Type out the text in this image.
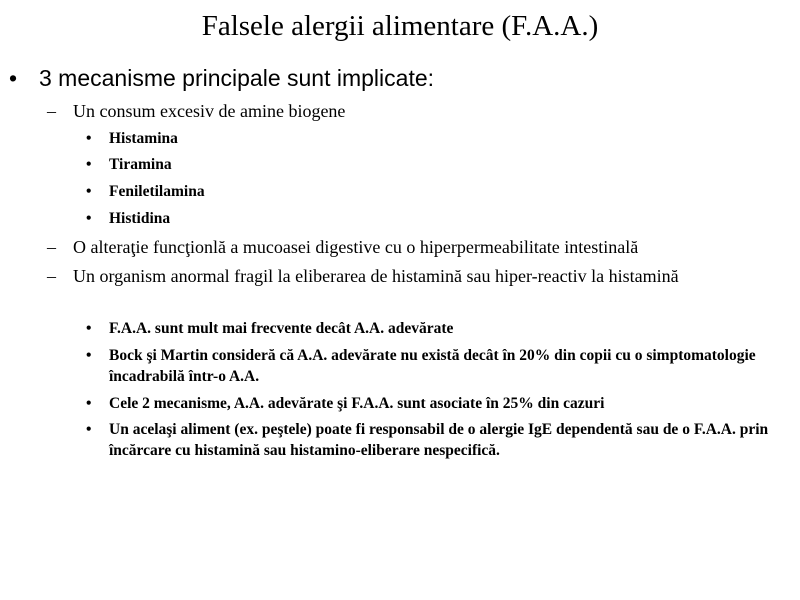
Falsele alergii alimentare (F.A.A.)
• 3 mecanisme principale sunt implicate:
– Un consum excesiv de amine biogene
•	Histamina
•	Tiramina
•	Feniletilamina
•	Histidina
– O alteraţie funcţionlă a mucoasei digestive cu o hiperpermeabilitate intestinală
– Un organism anormal fragil la eliberarea de histamină sau hiper-reactiv la histamină
•	F.A.A. sunt mult mai frecvente decât A.A. adevărate
•	Bock şi Martin consideră că A.A. adevărate nu există decât în 20% din copii cu o simptomatologie încadrabilă într-o A.A.
•	Cele 2 mecanisme, A.A. adevărate şi F.A.A. sunt asociate în 25% din cazuri
•	Un acelaşi aliment (ex. peştele) poate fi responsabil de o alergie IgE dependentă sau de o F.A.A. prin încărcare cu histamină sau histamino-eliberare nespecifică.
